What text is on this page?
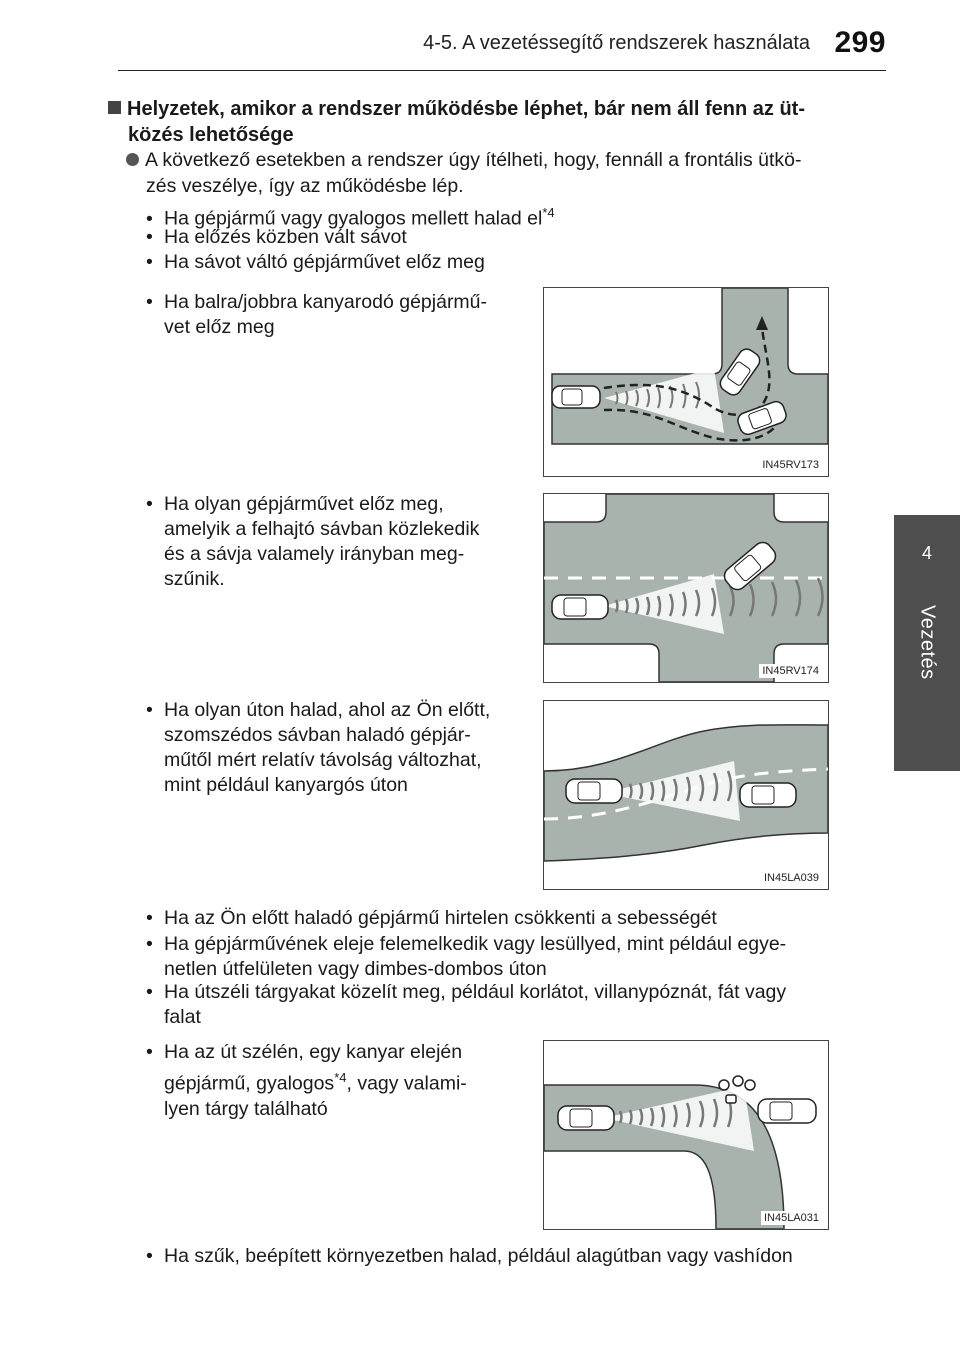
4-5. A vezetéssegítő rendszerek használata 299
4
Vezetés
Helyzetek, amikor a rendszer működésbe léphet, bár nem áll fenn az üt-
közés lehetősége
A következő esetekben a rendszer úgy ítélheti, hogy, fennáll a frontális ütkö-
zés veszélye, így az működésbe lép.
• Ha gépjármű vagy gyalogos mellett halad $el^{*4}$
• Ha előzés közben vált sávot
• Ha sávot váltó gépjárművet előz meg
• Ha balra/jobbra kanyarodó gépjármű-
vet előz meg
IN45RV173
• Ha olyan gépjárművet előz meg,

amelyik a felhajtó sávban közlekedik
és a sávja valamely irányban meg-
szűnik.
IN45RV174
• Ha olyan úton halad, ahol az Ön előtt,

szomszédos sávban haladó gépjár-
műtől mért relatív távolság változhat,
mint például kanyargós úton
IN45LA039
• Ha az Ön előtt haladó gépjármű hirtelen csökkenti a sebességét
• Ha gépjárművének eleje felemelkedik vagy lesüllyed, mint például egye-

netlen útfelületen vagy dimbes-dombos úton
• Ha útszéli tárgyakat közelít meg, például korlátot, villanypóznát, fát vagy

falat
• Ha az út szélén, egy kanyar elején

gépjármű, gyalogos$^{*4}$, vagy valami-
lyen tárgy található
IN45LA031
• Ha szűk, beépített környezetben halad, például alagútban vagy vashídon
